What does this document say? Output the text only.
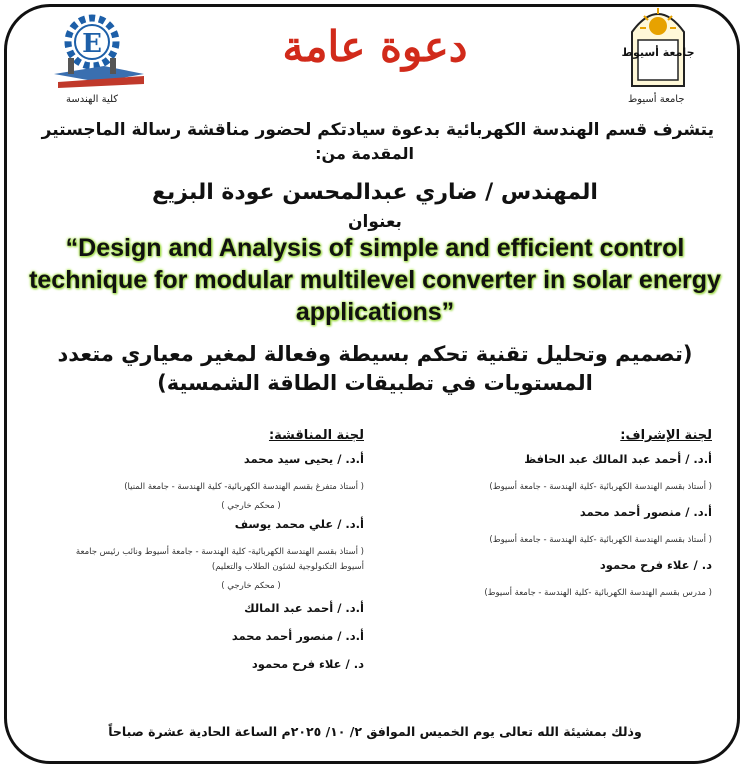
E
كلية الهندسة
جامعة أسيوط
جامعة أسيوط
دعوة عامة
يتشرف قسم الهندسة الكهربائية بدعوة سيادتكم لحضور مناقشة رسالة الماجستير
المقدمة من:
المهندس / ضاري عبدالمحسن عودة البزيع
بعنوان
“Design and Analysis of simple and efficient control technique for modular multilevel converter in solar energy applications”
(تصميم وتحليل تقنية تحكم بسيطة وفعالة لمغير معياري متعدد المستويات في تطبيقات الطاقة الشمسية)
لجنة الإشراف:
لجنة المناقشة:
أ.د. / أحمد عبد المالك عبد الحافظ
( أستاذ بقسم الهندسة الكهربائية -كلية الهندسة - جامعة أسيوط)
أ.د. / منصور أحمد محمد
( أستاذ بقسم الهندسة الكهربائية -كلية الهندسة - جامعة أسيوط)
د. / علاء فرح محمود
( مدرس بقسم الهندسة الكهربائية -كلية الهندسة - جامعة أسيوط)
أ.د. / يحيى سيد محمد
( أستاذ متفرغ بقسم الهندسة الكهربائية- كلية الهندسة - جامعة المنيا)
( محكم خارجي )
أ.د. / علي محمد يوسف
( أستاذ بقسم الهندسة الكهربائية- كلية الهندسة - جامعة أسيوط ونائب رئيس جامعة أسيوط التكنولوجية لشئون الطلاب والتعليم)
( محكم خارجي )
أ.د. / أحمد عبد المالك
أ.د. / منصور أحمد محمد
د. / علاء فرح محمود
وذلك بمشيئة الله تعالى يوم الخميس الموافق ٢/ ١٠/ ٢٠٢٥م الساعة الحادية عشرة صباحاً
